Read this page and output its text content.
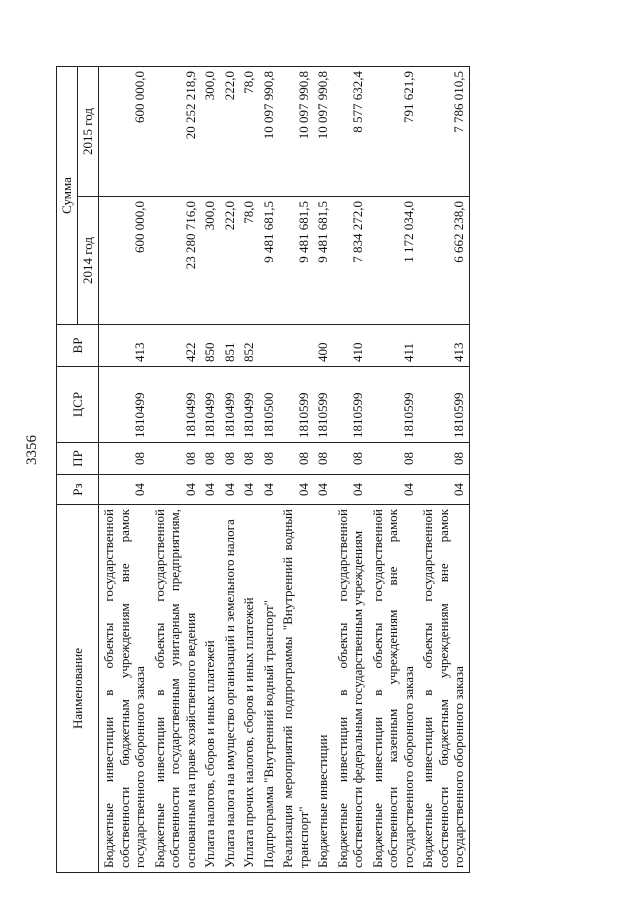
3356
Наименование	Рз	ПР	ЦСР	ВР	Сумма	
					2014 год	2015 год
Бюджетные инвестиции в объекты государственной собственности бюджетным учреждениям вне рамок государственного оборонного заказа	04	08	1810499	413	600 000,0	600 000,0
Бюджетные инвестиции в объекты государственной собственности государственным унитарным предприятиям, основанным на праве хозяйственного ведения	04	08	1810499	422	23 280 716,0	20 252 218,9
Уплата налогов, сборов и иных платежей	04	08	1810499	850	300,0	300,0
Уплата налога на имущество организаций и земельного налога	04	08	1810499	851	222,0	222,0
Уплата прочих налогов, сборов и иных платежей	04	08	1810499	852	78,0	78,0
Подпрограмма "Внутренний водный транспорт"	04	08	1810500		9 481 681,5	10 097 990,8
Реализация мероприятий подпрограммы "Внутренний водный транспорт"	04	08	1810599		9 481 681,5	10 097 990,8
Бюджетные инвестиции	04	08	1810599	400	9 481 681,5	10 097 990,8
Бюджетные инвестиции в объекты государственной собственности федеральным государственным учреждениям	04	08	1810599	410	7 834 272,0	8 577 632,4
Бюджетные инвестиции в объекты государственной собственности казенным учреждениям вне рамок государственного оборонного заказа	04	08	1810599	411	1 172 034,0	791 621,9
Бюджетные инвестиции в объекты государственной собственности бюджетным учреждениям вне рамок государственного оборонного заказа	04	08	1810599	413	6 662 238,0	7 786 010,5
